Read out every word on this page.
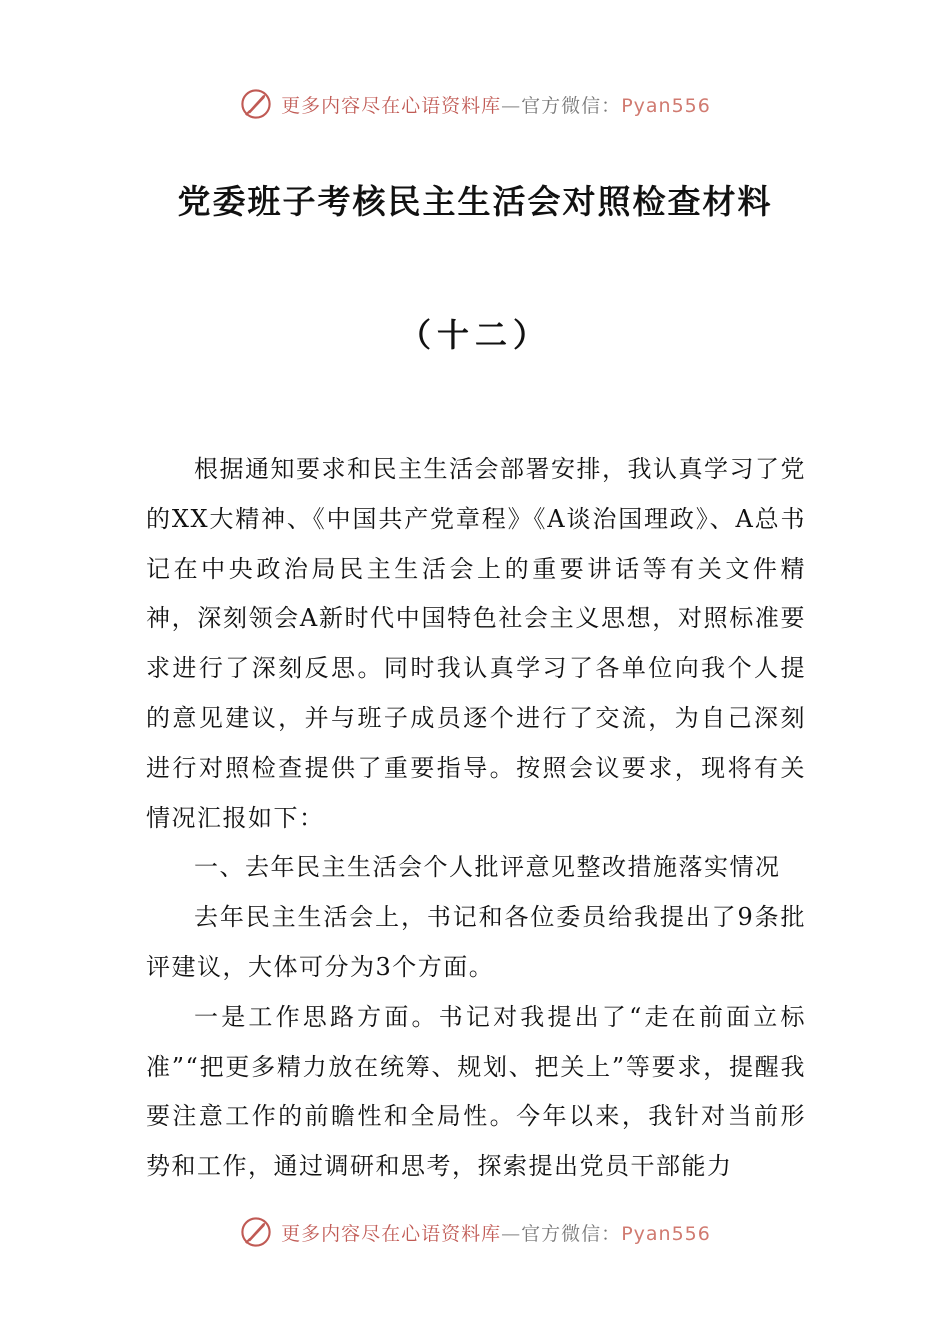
更多内容尽在心语资料库—官方微信：Pyan556
党委班子考核民主生活会对照检查材料
（十二）

根据通知要求和民主生活会部署安排，我认真学习了党的XX大精神、《中国共产党章程》《A谈治国理政》、A总书记在中央政治局民主生活会上的重要讲话等有关文件精神，深刻领会A新时代中国特色社会主义思想，对照标准要求进行了深刻反思。同时我认真学习了各单位向我个人提的意见建议，并与班子成员逐个进行了交流，为自己深刻进行对照检查提供了重要指导。按照会议要求，现将有关情况汇报如下：

一、去年民主生活会个人批评意见整改措施落实情况

去年民主生活会上，书记和各位委员给我提出了9条批评建议，大体可分为3个方面。

一是工作思路方面。书记对我提出了“走在前面立标准”“把更多精力放在统筹、规划、把关上”等要求，提醒我要注意工作的前瞻性和全局性。今年以来，我针对当前形势和工作，通过调研和思考，探索提出党员干部能力

更多内容尽在心语资料库—官方微信：Pyan556
